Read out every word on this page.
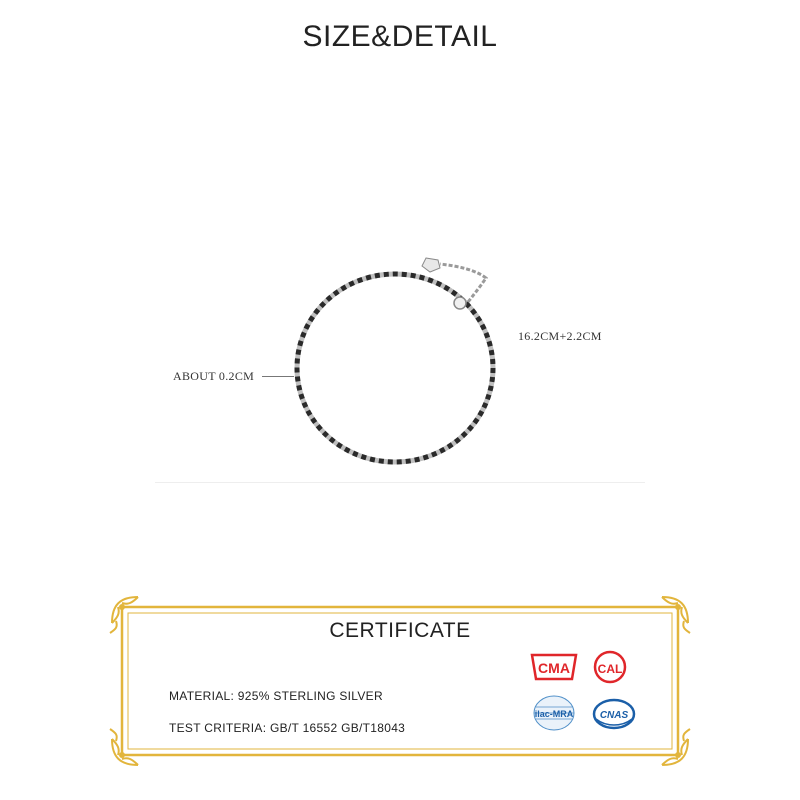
SIZE&DETAIL
16.2CM+2.2CM
ABOUT 0.2CM
CERTIFICATE
MATERIAL: 925% STERLING SILVER
TEST CRITERIA: GB/T 16552 GB/T18043
CMA CAL
ilac-MRA	CNAS
